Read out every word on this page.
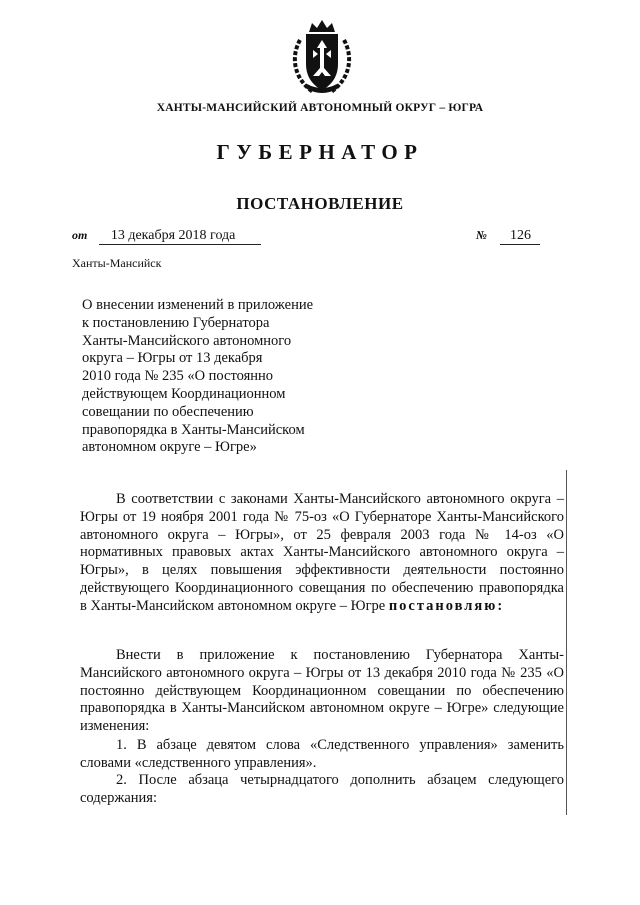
ХАНТЫ-МАНСИЙСКИЙ АВТОНОМНЫЙ ОКРУГ – ЮГРА
ГУБЕРНАТОР
ПОСТАНОВЛЕНИЕ
от 13 декабря 2018 года	№ 126
Ханты-Мансийск
О внесении изменений в приложение
к постановлению Губернатора
Ханты-Мансийского автономного
округа – Югры от 13 декабря
2010 года № 235 «О постоянно
действующем Координационном
совещании по обеспечению
правопорядка в Ханты-Мансийском
автономном округе – Югре»

В соответствии с законами Ханты-Мансийского автономного округа – Югры от 19 ноября 2001 года № 75-оз «О Губернаторе Ханты-Мансийского автономного округа – Югры», от 25 февраля 2003 года № 14-оз «О нормативных правовых актах Ханты-Мансийского автономного округа – Югры», в целях повышения эффективности деятельности постоянно действующего Координационного совещания по обеспечению правопорядка в Ханты-Мансийском автономном округе – Югре постановляю:

Внести в приложение к постановлению Губернатора Ханты-Мансийского автономного округа – Югры от 13 декабря 2010 года № 235 «О постоянно действующем Координационном совещании по обеспечению правопорядка в Ханты-Мансийском автономном округе – Югре» следующие изменения:

1. В абзаце девятом слова «Следственного управления» заменить словами «следственного управления».

2. После абзаца четырнадцатого дополнить абзацем следующего содержания:
